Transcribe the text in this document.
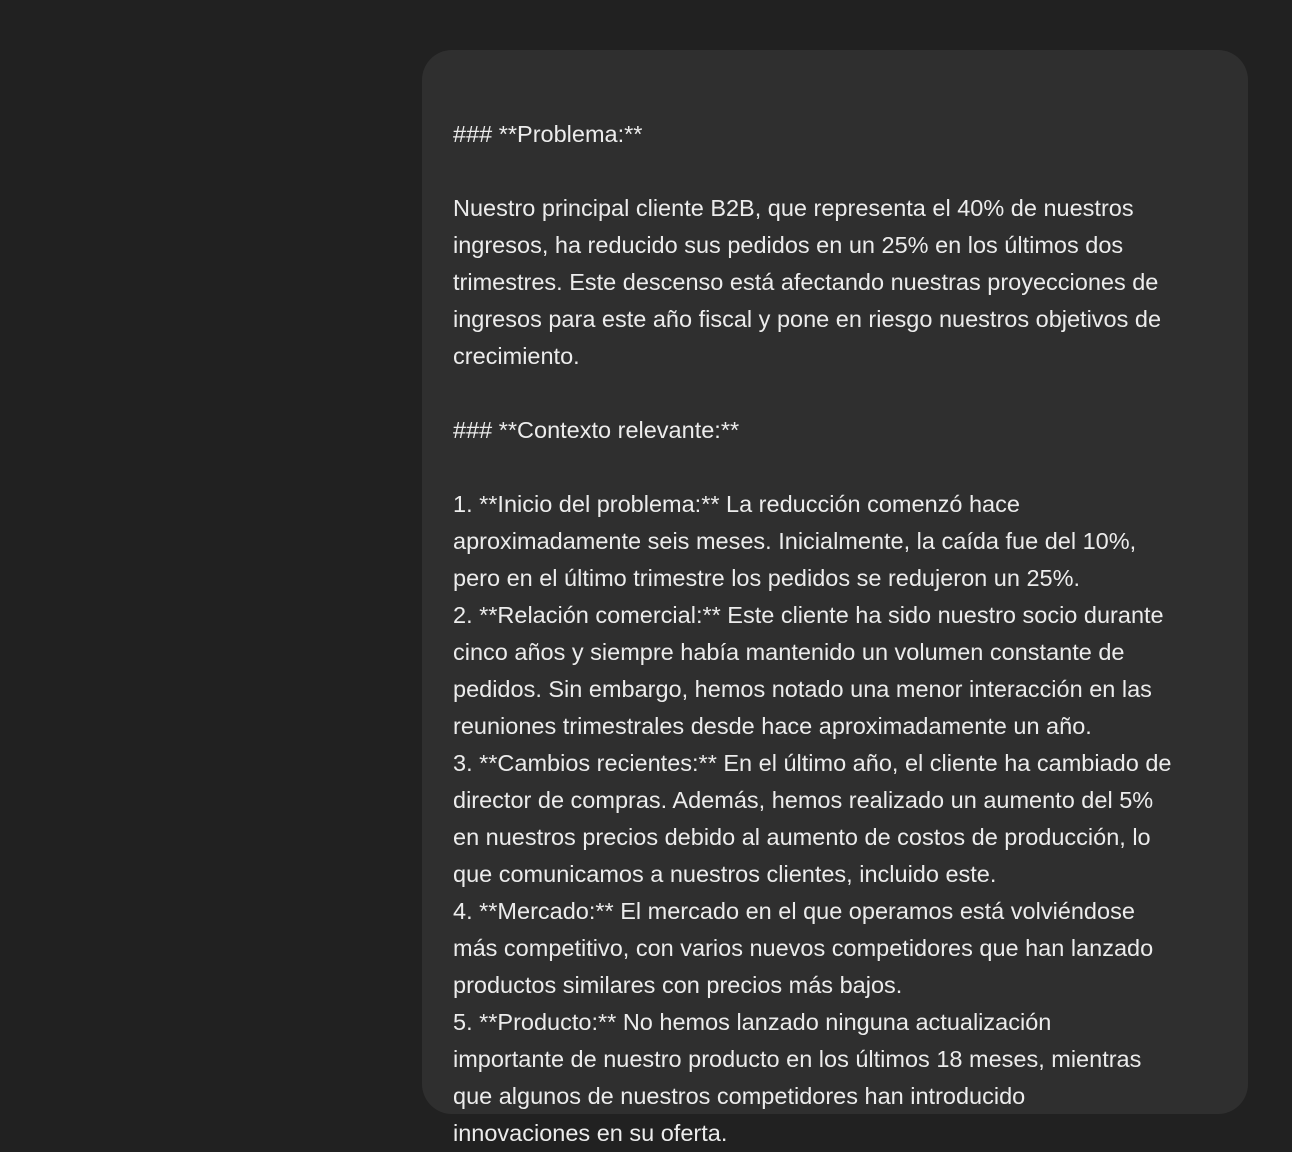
### **Problema:**
Nuestro principal cliente B2B, que representa el 40% de nuestros
ingresos, ha reducido sus pedidos en un 25% en los últimos dos
trimestres. Este descenso está afectando nuestras proyecciones de
ingresos para este año fiscal y pone en riesgo nuestros objetivos de
crecimiento.
### **Contexto relevante:**
1. **Inicio del problema:** La reducción comenzó hace
aproximadamente seis meses. Inicialmente, la caída fue del 10%,
pero en el último trimestre los pedidos se redujeron un 25%.
2. **Relación comercial:** Este cliente ha sido nuestro socio durante
cinco años y siempre había mantenido un volumen constante de
pedidos. Sin embargo, hemos notado una menor interacción en las
reuniones trimestrales desde hace aproximadamente un año.
3. **Cambios recientes:** En el último año, el cliente ha cambiado de
director de compras. Además, hemos realizado un aumento del 5%
en nuestros precios debido al aumento de costos de producción, lo
que comunicamos a nuestros clientes, incluido este.
4. **Mercado:** El mercado en el que operamos está volviéndose
más competitivo, con varios nuevos competidores que han lanzado
productos similares con precios más bajos.
5. **Producto:** No hemos lanzado ninguna actualización
importante de nuestro producto en los últimos 18 meses, mientras
que algunos de nuestros competidores han introducido
innovaciones en su oferta.
